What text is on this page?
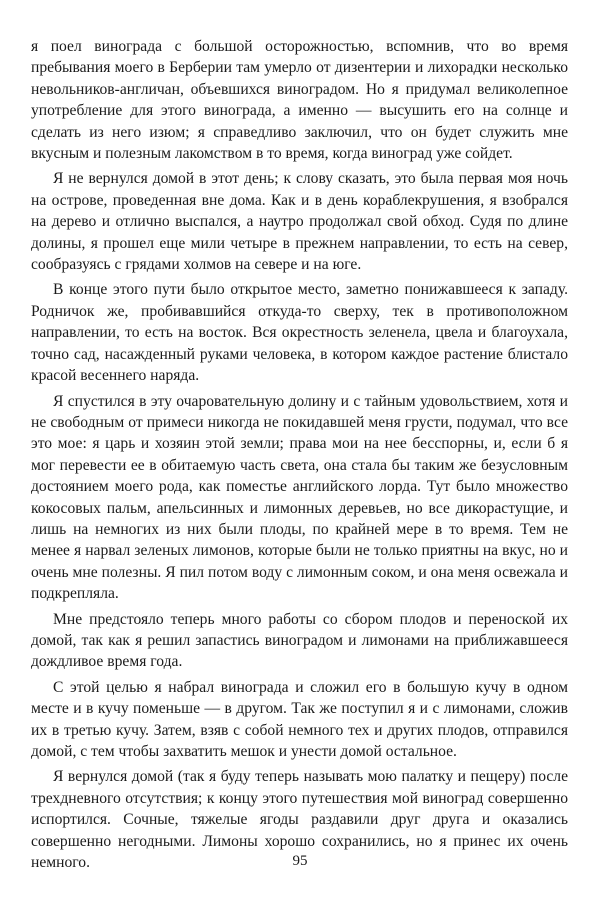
я поел винограда с большой осторожностью, вспомнив, что во время пребывания моего в Берберии там умерло от дизентерии и лихорадки несколько невольников-англичан, объевшихся виноградом. Но я придумал великолепное употребление для этого винограда, а именно — высушить его на солнце и сделать из него изюм; я справедливо заключил, что он будет служить мне вкусным и полезным лакомством в то время, когда виноград уже сойдет.

Я не вернулся домой в этот день; к слову сказать, это была первая моя ночь на острове, проведенная вне дома. Как и в день кораблекрушения, я взобрался на дерево и отлично выспался, а наутро продолжал свой обход. Судя по длине долины, я прошел еще мили четыре в прежнем направлении, то есть на север, сообразуясь с грядами холмов на севере и на юге.

В конце этого пути было открытое место, заметно понижавшееся к западу. Родничок же, пробивавшийся откуда-то сверху, тек в противоположном направлении, то есть на восток. Вся окрестность зеленела, цвела и благоухала, точно сад, насажденный руками человека, в котором каждое растение блистало красой весеннего наряда.

Я спустился в эту очаровательную долину и с тайным удовольствием, хотя и не свободным от примеси никогда не покидавшей меня грусти, подумал, что все это мое: я царь и хозяин этой земли; права мои на нее бесспорны, и, если б я мог перевести ее в обитаемую часть света, она стала бы таким же безусловным достоянием моего рода, как поместье английского лорда. Тут было множество кокосовых пальм, апельсинных и лимонных деревьев, но все дикорастущие, и лишь на немногих из них были плоды, по крайней мере в то время. Тем не менее я нарвал зеленых лимонов, которые были не только приятны на вкус, но и очень мне полезны. Я пил потом воду с лимонным соком, и она меня освежала и подкрепляла.

Мне предстояло теперь много работы со сбором плодов и переноской их домой, так как я решил запастись виноградом и лимонами на приближавшееся дождливое время года.

С этой целью я набрал винограда и сложил его в большую кучу в одном месте и в кучу поменьше — в другом. Так же поступил я и с лимонами, сложив их в третью кучу. Затем, взяв с собой немного тех и других плодов, отправился домой, с тем чтобы захватить мешок и унести домой остальное.

Я вернулся домой (так я буду теперь называть мою палатку и пещеру) после трехдневного отсутствия; к концу этого путешествия мой виноград совершенно испортился. Сочные, тяжелые ягоды раздавили друг друга и оказались совершенно негодными. Лимоны хорошо сохранились, но я принес их очень немного.	95
